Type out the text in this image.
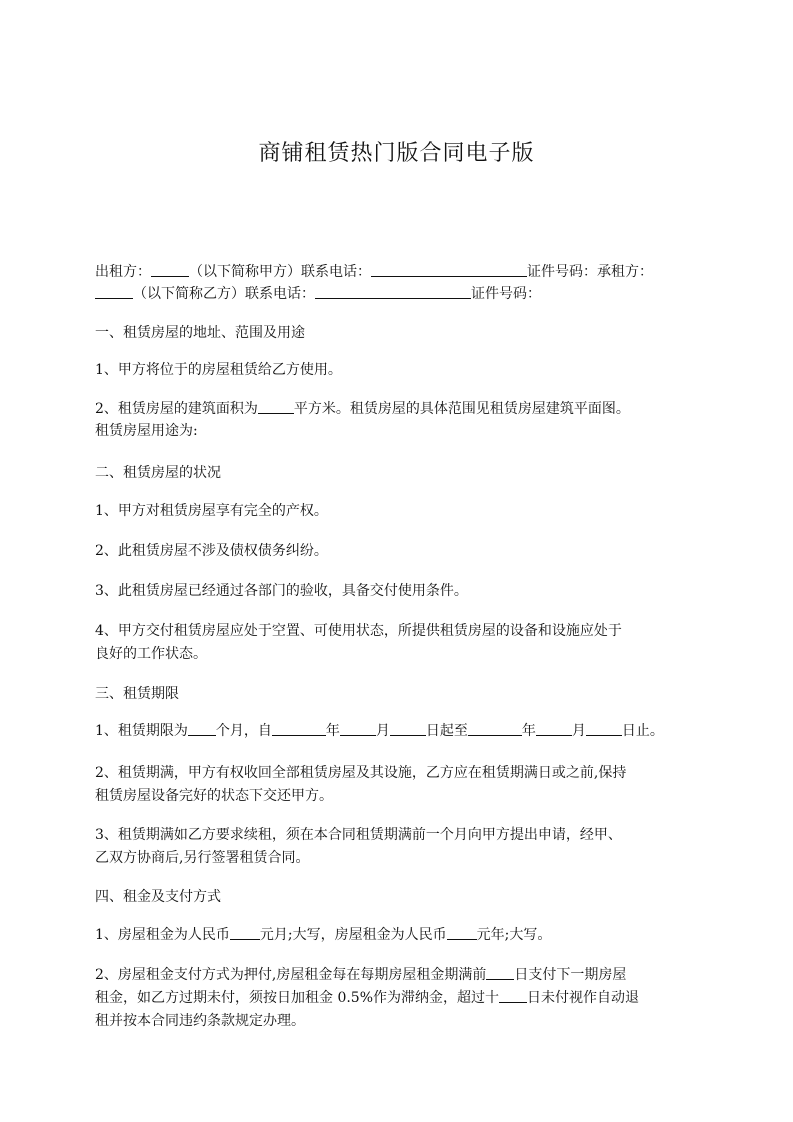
商铺租赁热门版合同电子版
出租方：	（以下简称甲方）联系电话：	证件号码：承租方：
（以下简称乙方）联系电话：	证件号码：
一、租赁房屋的地址、范围及用途
1、甲方将位于的房屋租赁给乙方使用。
2、租赁房屋的建筑面积为	平方米。租赁房屋的具体范围见租赁房屋建筑平面图。
租赁房屋用途为:
二、租赁房屋的状况
1、甲方对租赁房屋享有完全的产权。
2、此租赁房屋不涉及债权债务纠纷。
3、此租赁房屋已经通过各部门的验收，具备交付使用条件。
4、甲方交付租赁房屋应处于空置、可使用状态，所提供租赁房屋的设备和设施应处于
良好的工作状态。
三、租赁期限
1、租赁期限为 个月，自	年	月	日起至	年	月	日止。
2、租赁期满，甲方有权收回全部租赁房屋及其设施，乙方应在租赁期满日或之前,保持
租赁房屋设备完好的状态下交还甲方。
3、租赁期满如乙方要求续租，须在本合同租赁期满前一个月向甲方提出申请，经甲、
乙双方协商后,另行签署租赁合同。
四、租金及支付方式
1、房屋租金为人民币 元月;大写，房屋租金为人民币 元年;大写。
2、房屋租金支付方式为押付,房屋租金每在每期房屋租金期满前 日支付下一期房屋
租金，如乙方过期未付，须按日加租金 0.5%作为滞纳金，超过十 日未付视作自动退
租并按本合同违约条款规定办理。
